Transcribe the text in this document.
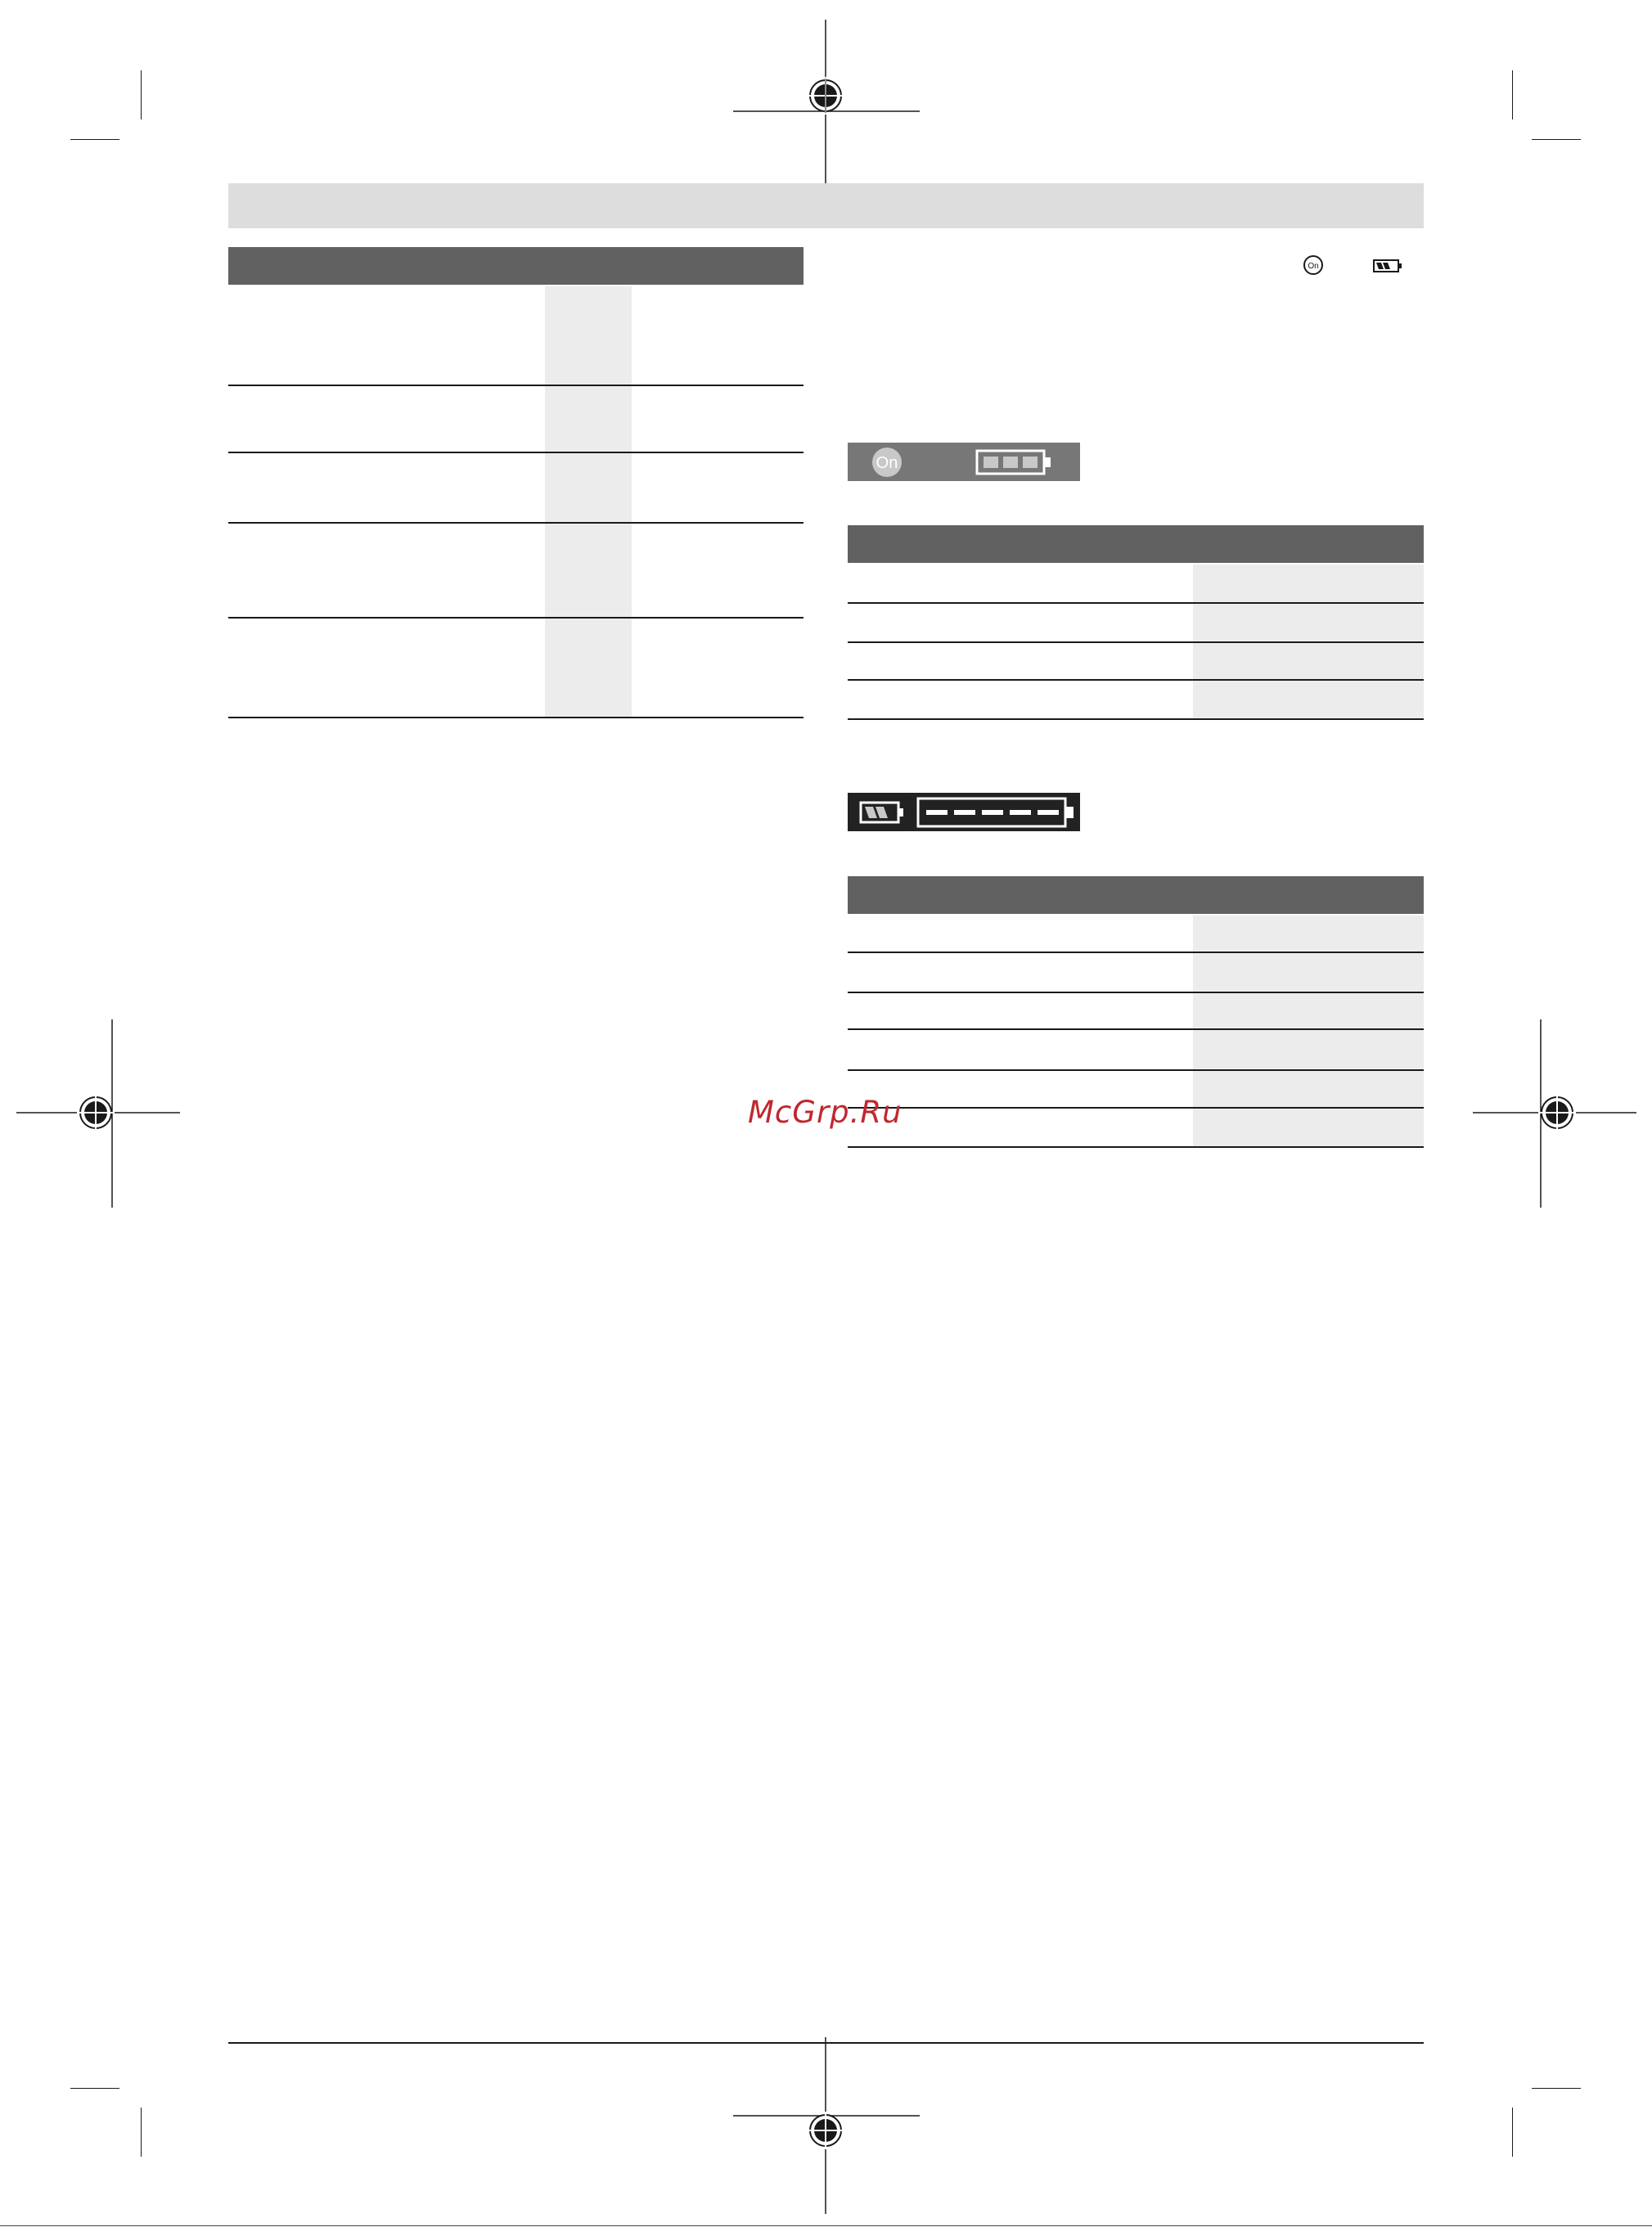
On
On
McGrp.Ru
